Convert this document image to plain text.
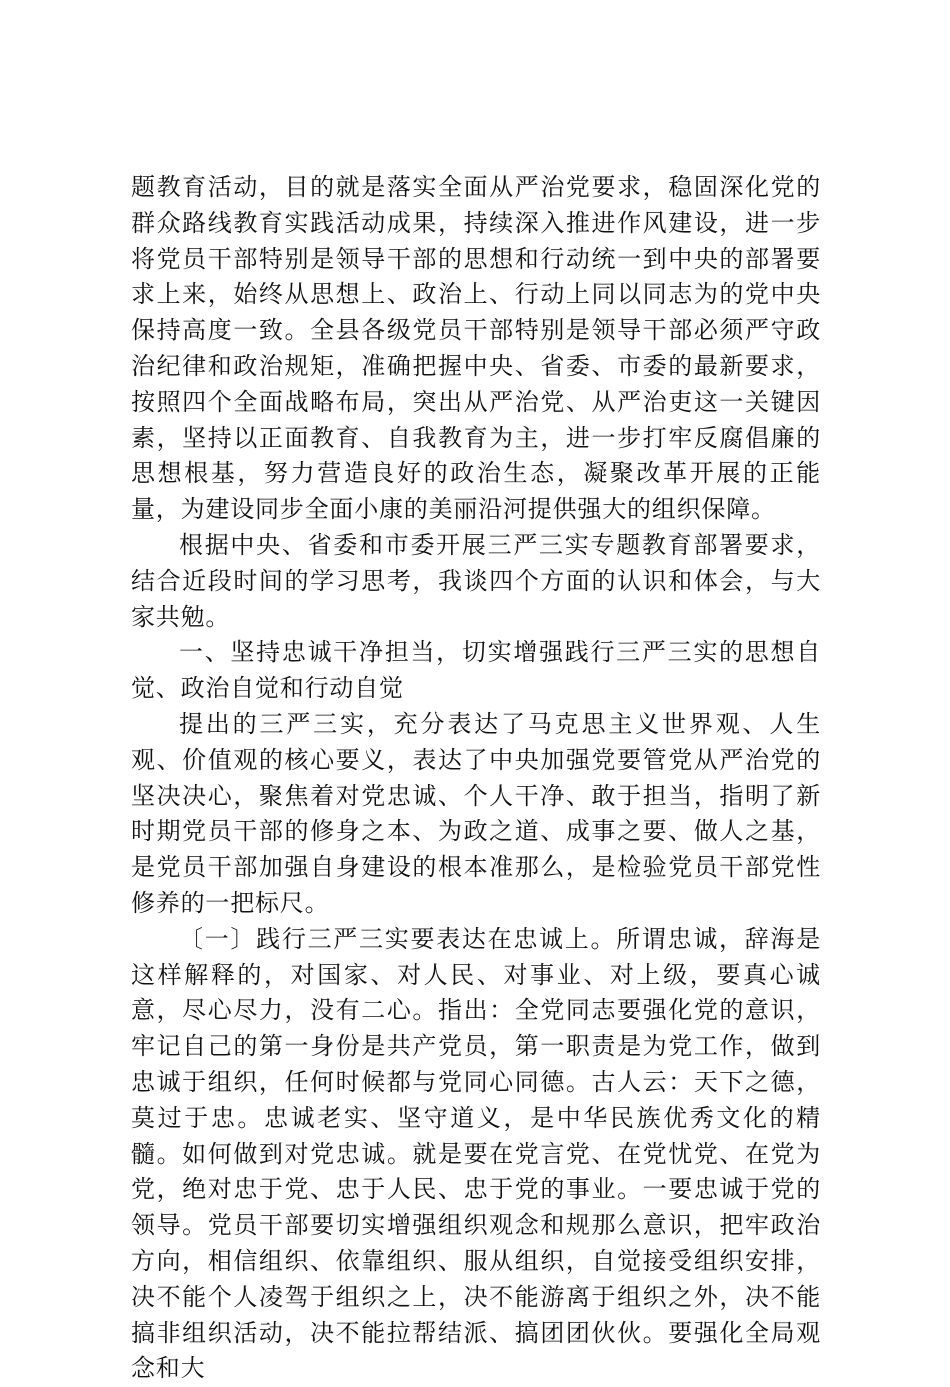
题教育活动，目的就是落实全面从严治党要求，稳固深化党的群众路线教育实践活动成果，持续深入推进作风建设，进一步将党员干部特别是领导干部的思想和行动统一到中央的部署要求上来，始终从思想上、政治上、行动上同以同志为的党中央保持高度一致。全县各级党员干部特别是领导干部必须严守政治纪律和政治规矩，准确把握中央、省委、市委的最新要求，按照四个全面战略布局，突出从严治党、从严治吏这一关键因素，坚持以正面教育、自我教育为主，进一步打牢反腐倡廉的思想根基，努力营造良好的政治生态，凝聚改革开展的正能量，为建设同步全面小康的美丽沿河提供强大的组织保障。

根据中央、省委和市委开展三严三实专题教育部署要求，结合近段时间的学习思考，我谈四个方面的认识和体会，与大家共勉。

一、坚持忠诚干净担当，切实增强践行三严三实的思想自觉、政治自觉和行动自觉

提出的三严三实，充分表达了马克思主义世界观、人生观、价值观的核心要义，表达了中央加强党要管党从严治党的坚决决心，聚焦着对党忠诚、个人干净、敢于担当，指明了新时期党员干部的修身之本、为政之道、成事之要、做人之基，是党员干部加强自身建设的根本准那么，是检验党员干部党性修养的一把标尺。

〔一〕践行三严三实要表达在忠诚上。所谓忠诚，辞海是这样解释的，对国家、对人民、对事业、对上级，要真心诚意，尽心尽力，没有二心。指出：全党同志要强化党的意识，牢记自己的第一身份是共产党员，第一职责是为党工作，做到忠诚于组织，任何时候都与党同心同德。古人云：天下之德，莫过于忠。忠诚老实、坚守道义，是中华民族优秀文化的精髓。如何做到对党忠诚。就是要在党言党、在党忧党、在党为党，绝对忠于党、忠于人民、忠于党的事业。一要忠诚于党的领导。党员干部要切实增强组织观念和规那么意识，把牢政治方向，相信组织、依靠组织、服从组织，自觉接受组织安排，决不能个人凌驾于组织之上，决不能游离于组织之外，决不能搞非组织活动，决不能拉帮结派、搞团团伙伙。要强化全局观念和大
